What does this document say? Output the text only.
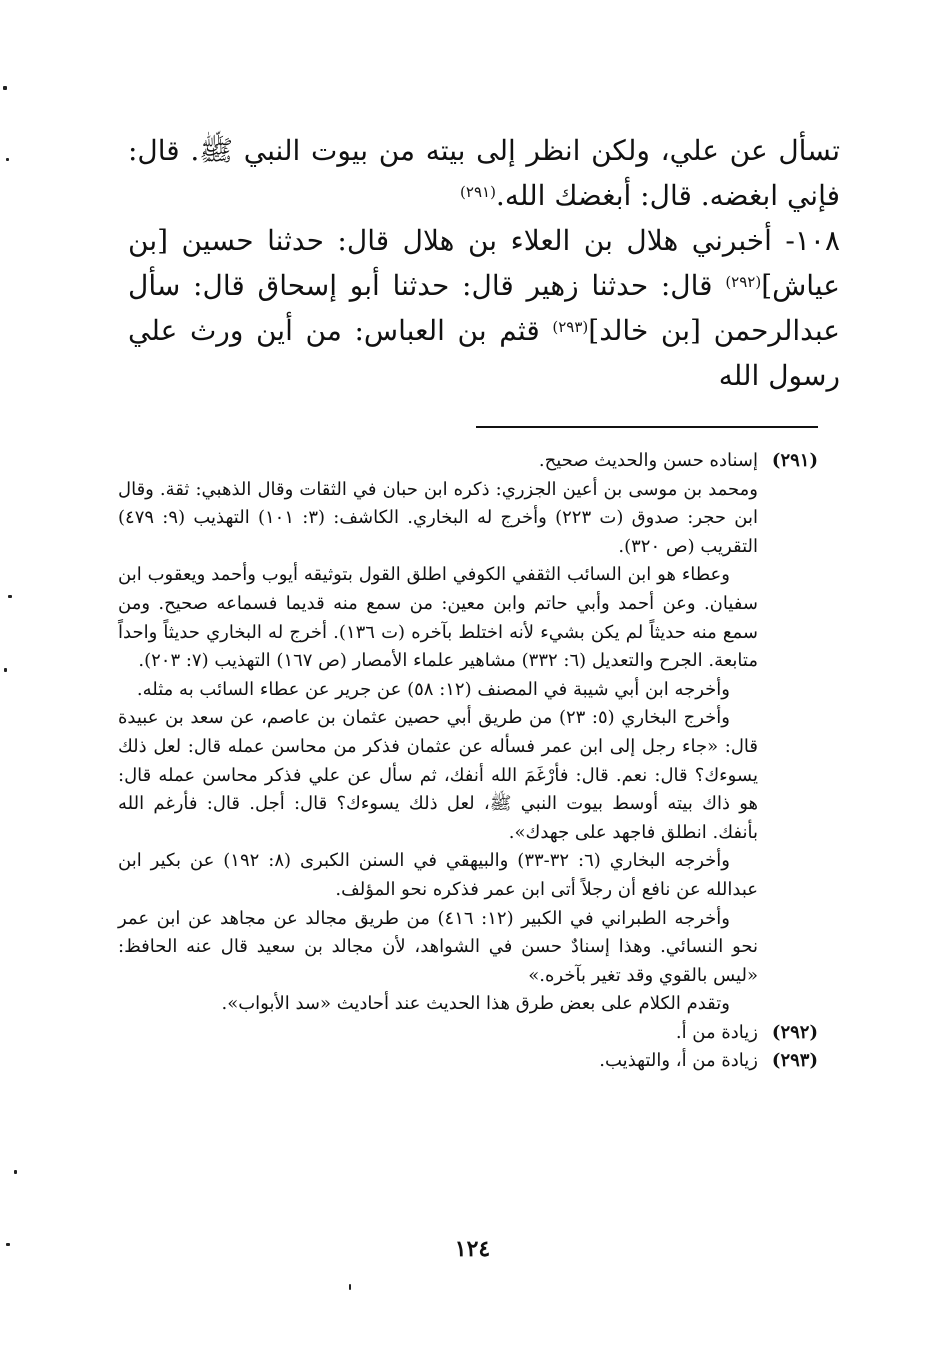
تسأل عن علي، ولكن انظر إلى بيته من بيوت النبي ﷺ. قال: فإني ابغضه. قال: أبغضك الله.$^{(٢٩١)}$

١٠٨- أخبرني هلال بن العلاء بن هلال قال: حدثنا حسين [بن عياش]$^{(٢٩٢)}$ قال: حدثنا زهير قال: حدثنا أبو إسحاق قال: سأل عبدالرحمن [بن خالد]$^{(٢٩٣)}$ قثم بن العباس: من أين ورث علي رسول الله

(٢٩١)

إسناده حسن والحديث صحيح.

ومحمد بن موسى بن أعين الجزري: ذكره ابن حبان في الثقات وقال الذهبي: ثقة. وقال ابن حجر: صدوق (ت ٢٢٣) وأخرج له البخاري. الكاشف: (٣: ١٠١) التهذيب (٩: ٤٧٩) التقريب (ص ٣٢٠).

وعطاء هو ابن السائب الثقفي الكوفي اطلق القول بتوثيقه أيوب وأحمد ويعقوب ابن سفيان. وعن أحمد وأبي حاتم وابن معين: من سمع منه قديما فسماعه صحيح. ومن سمع منه حديثاً لم يكن بشيء لأنه اختلط بآخره (ت ١٣٦). أخرج له البخاري حديثاً واحداً متابعة. الجرح والتعديل (٦: ٣٣٢) مشاهير علماء الأمصار (ص ١٦٧) التهذيب (٧: ٢٠٣).

وأخرجه ابن أبي شيبة في المصنف (١٢: ٥٨) عن جرير عن عطاء السائب به مثله.

وأخرج البخاري (٥: ٢٣) من طريق أبي حصين عثمان بن عاصم، عن سعد بن عبيدة قال: «جاء رجل إلى ابن عمر فسأله عن عثمان فذكر من محاسن عمله قال: لعل ذلك يسوءك؟ قال: نعم. قال: فأرْغَمَ الله أنفك، ثم سأل عن علي فذكر محاسن عمله قال: هو ذاك بيته أوسط بيوت النبي ﷺ، لعل ذلك يسوءك؟ قال: أجل. قال: فأرغم الله بأنفك. انطلق فاجهد على جهدك».

وأخرجه البخاري (٦: ٣٢-٣٣) والبيهقي في السنن الكبرى (٨: ١٩٢) عن بكير ابن عبدالله عن نافع أن رجلاً أتى ابن عمر فذكره نحو المؤلف.

وأخرجه الطبراني في الكبير (١٢: ٤١٦) من طريق مجالد عن مجاهد عن ابن عمر نحو النسائي. وهذا إسنادٌ حسن في الشواهد، لأن مجالد بن سعيد قال عنه الحافظ: «ليس بالقوي وقد تغير بآخره.»

وتقدم الكلام على بعض طرق هذا الحديث عند أحاديث «سد الأبواب».

(٢٩٢)

زيادة من أ.

(٢٩٣)

زيادة من أ، والتهذيب.

١٢٤
